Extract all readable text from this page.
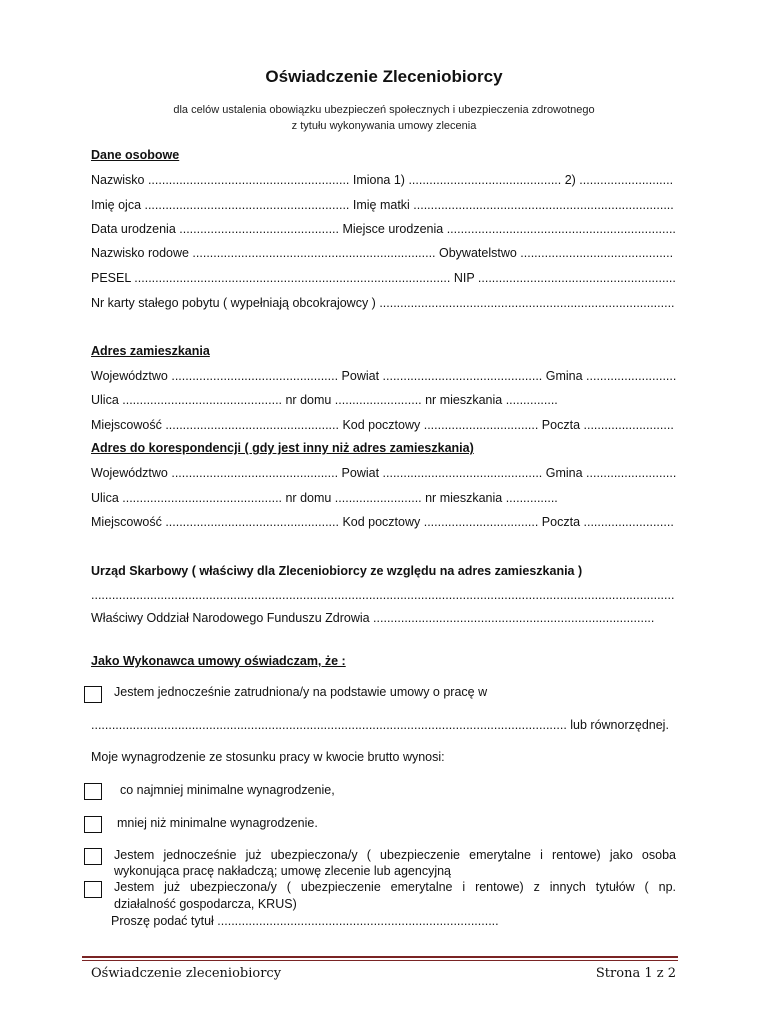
Oświadczenie Zleceniobiorcy
dla celów ustalenia obowiązku ubezpieczeń społecznych i ubezpieczenia zdrowotnego
z tytułu wykonywania umowy zlecenia
Dane osobowe
Nazwisko .......................................................... Imiona 1) ............................................ 2) ...........................
Imię ojca ........................................................... Imię matki ...........................................................................
Data urodzenia .............................................. Miejsce urodzenia ..................................................................
Nazwisko rodowe ...................................................................... Obywatelstwo ............................................
PESEL ........................................................................................... NIP .........................................................
Nr karty stałego pobytu ( wypełniają obcokrajowcy ) .....................................................................................
Adres zamieszkania
Województwo ................................................ Powiat .............................................. Gmina ..........................
Ulica .............................................. nr domu ......................... nr mieszkania ...............
Miejscowość .................................................. Kod pocztowy ................................. Poczta ..........................
Adres do korespondencji ( gdy jest inny niż adres zamieszkania)
Województwo ................................................ Powiat .............................................. Gmina ..........................
Ulica .............................................. nr domu ......................... nr mieszkania ...............
Miejscowość .................................................. Kod pocztowy ................................. Poczta ..........................
Urząd Skarbowy ( właściwy dla Zleceniobiorcy ze względu na adres zamieszkania )
........................................................................................................................................................................
Właściwy Oddział Narodowego Funduszu Zdrowia .................................................................................
Jako Wykonawca umowy oświadczam, że :
Jestem jednocześnie zatrudniona/y na podstawie umowy o pracę w
......................................................................................................................................... lub równorzędnej.
Moje wynagrodzenie ze stosunku pracy w kwocie brutto wynosi:
co najmniej minimalne wynagrodzenie,
mniej niż minimalne wynagrodzenie.
Jestem jednocześnie już ubezpieczona/y ( ubezpieczenie emerytalne i rentowe) jako osoba
wykonująca pracę nakładczą; umowę zlecenie lub agencyjną
Jestem już ubezpieczona/y ( ubezpieczenie emerytalne i rentowe) z innych tytułów ( np.
działalność gospodarcza, KRUS)
Proszę podać tytuł .................................................................................
Oświadczenie zleceniobiorcy	Strona 1 z 2
